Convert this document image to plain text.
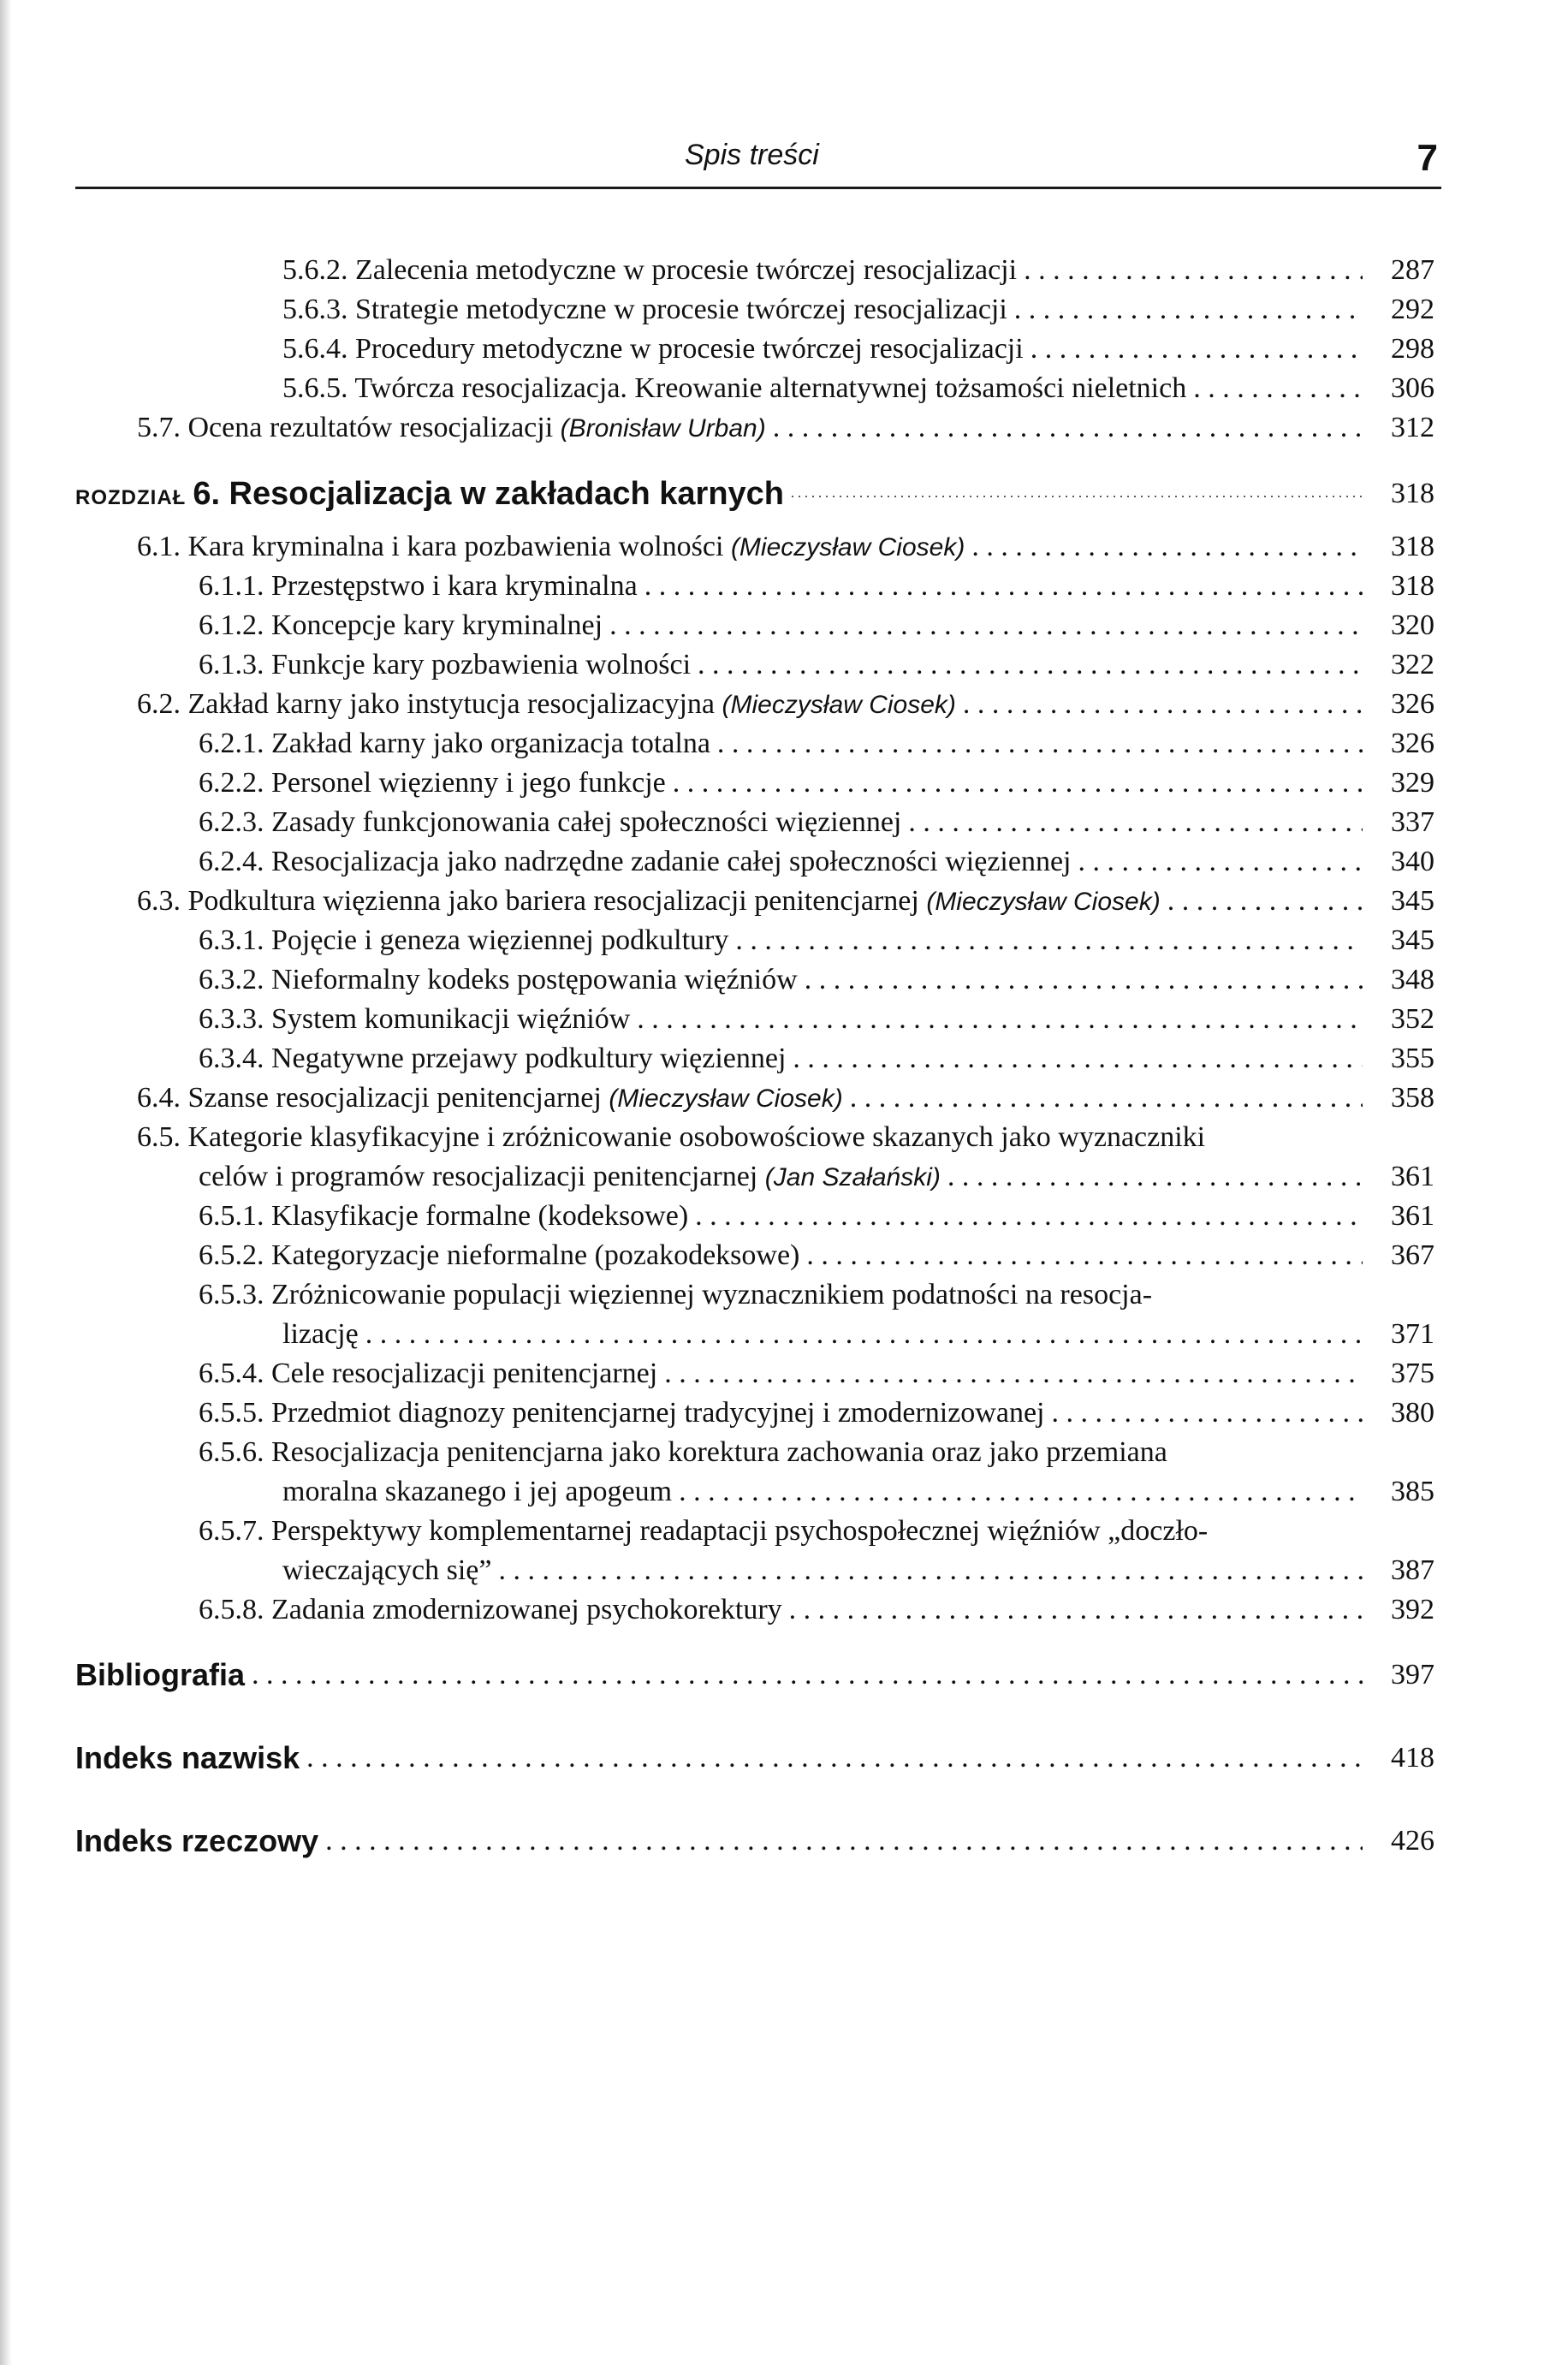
Spis treści	7
5.6.2. Zalecenia metodyczne w procesie twórczej resocjalizacji . . .	287
5.6.3. Strategie metodyczne w procesie twórczej resocjalizacji . . .	292
5.6.4. Procedury metodyczne w procesie twórczej resocjalizacji . . .	298
5.6.5. Twórcza resocjalizacja. Kreowanie alternatywnej tożsamości nieletnich . . .	306
5.7. Ocena rezultatów resocjalizacji (Bronisław Urban) . . .	312
ROZDZIAŁ 6. Resocjalizacja w zakładach karnych . . .	318
6.1. Kara kryminalna i kara pozbawienia wolności (Mieczysław Ciosek) . . .	318
6.1.1. Przestępstwo i kara kryminalna . . .	318
6.1.2. Koncepcje kary kryminalnej . . .	320
6.1.3. Funkcje kary pozbawienia wolności . . .	322
6.2. Zakład karny jako instytucja resocjalizacyjna (Mieczysław Ciosek) . . .	326
6.2.1. Zakład karny jako organizacja totalna . . .	326
6.2.2. Personel więzienny i jego funkcje . . .	329
6.2.3. Zasady funkcjonowania całej społeczności więziennej . . .	337
6.2.4. Resocjalizacja jako nadrzędne zadanie całej społeczności więziennej . . .	340
6.3. Podkultura więzienna jako bariera resocjalizacji penitencjarnej (Mieczysław Ciosek) . . .	345
6.3.1. Pojęcie i geneza więziennej podkultury . . .	345
6.3.2. Nieformalny kodeks postępowania więźniów . . .	348
6.3.3. System komunikacji więźniów . . .	352
6.3.4. Negatywne przejawy podkultury więziennej . . .	355
6.4. Szanse resocjalizacji penitencjarnej (Mieczysław Ciosek) . . .	358
6.5. Kategorie klasyfikacyjne i zróżnicowanie osobowościowe skazanych jako wyznaczniki
celów i programów resocjalizacji penitencjarnej (Jan Szałański) . . .	361
6.5.1. Klasyfikacje formalne (kodeksowe) . . .	361
6.5.2. Kategoryzacje nieformalne (pozakodeksowe) . . .	367
6.5.3. Zróżnicowanie populacji więziennej wyznacznikiem podatności na resocja-
lizację . . .	371
6.5.4. Cele resocjalizacji penitencjarnej . . .	375
6.5.5. Przedmiot diagnozy penitencjarnej tradycyjnej i zmodernizowanej . . .	380
6.5.6. Resocjalizacja penitencjarna jako korektura zachowania oraz jako przemiana
moralna skazanego i jej apogeum . . .	385
6.5.7. Perspektywy komplementarnej readaptacji psychospołecznej więźniów „doczło-
wieczających się” . . .	387
6.5.8. Zadania zmodernizowanej psychokorektury . . .	392
Bibliografia . . .	397
Indeks nazwisk . . .	418
Indeks rzeczowy . . .	426
